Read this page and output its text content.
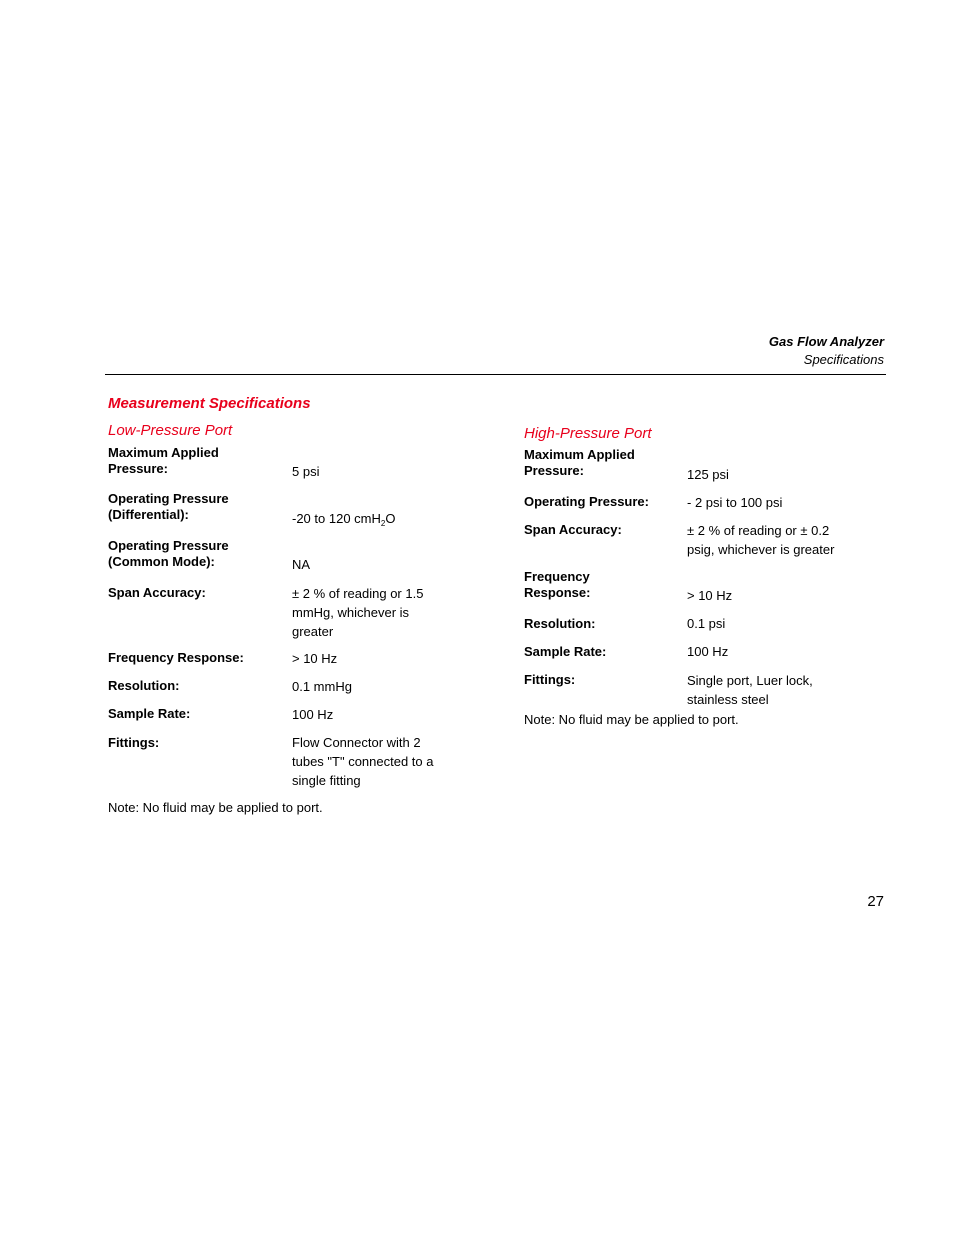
Gas Flow Analyzer
Specifications
Measurement Specifications
Low-Pressure Port
Maximum Applied
Pressure:	5 psi
Operating Pressure
(Differential):	-20 to 120 cmH$_2$O
Operating Pressure
(Common Mode):	NA
Span Accuracy:	± 2 % of reading or 1.5
mmHg, whichever is
greater
Frequency Response:	> 10 Hz
Resolution:	0.1 mmHg
Sample Rate:	100 Hz
Fittings:	Flow Connector with 2
tubes "T" connected to a
single fitting
Note: No fluid may be applied to port.
High-Pressure Port
Maximum Applied
Pressure:	125 psi
Operating Pressure:	- 2 psi to 100 psi
Span Accuracy:	± 2 % of reading or ± 0.2
psig, whichever is greater
Frequency
Response:	> 10 Hz
Resolution:	0.1 psi
Sample Rate:	100 Hz
Fittings:	Single port, Luer lock,
stainless steel
Note: No fluid may be applied to port.
27
